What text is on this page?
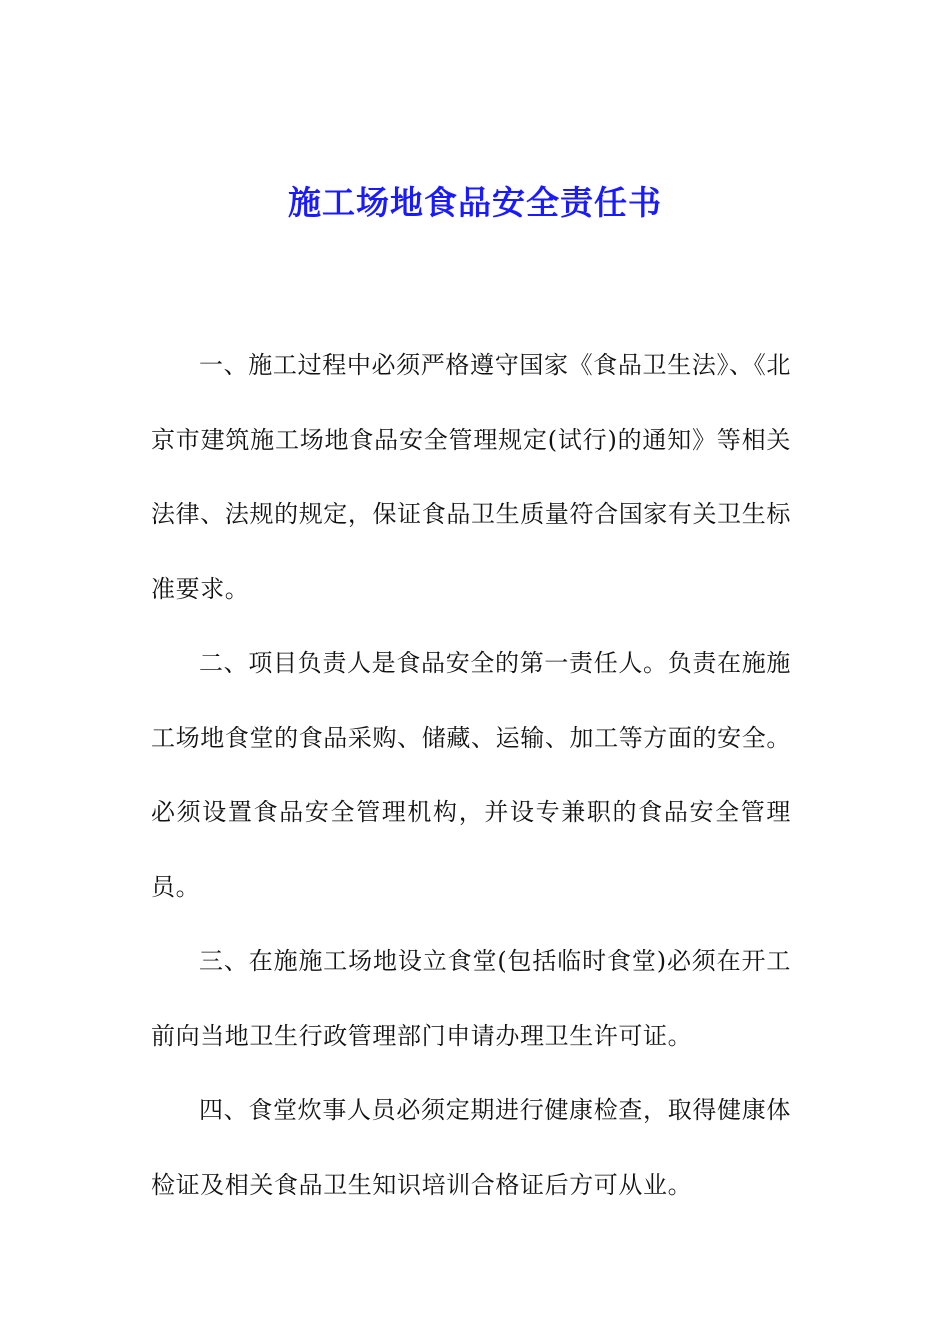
施工场地食品安全责任书

一、施工过程中必须严格遵守国家《食品卫生法》、《北京市建筑施工场地食品安全管理规定(试行)的通知》等相关法律、法规的规定，保证食品卫生质量符合国家有关卫生标准要求。

二、项目负责人是食品安全的第一责任人。负责在施施工场地食堂的食品采购、储藏、运输、加工等方面的安全。必须设置食品安全管理机构，并设专兼职的食品安全管理员。

三、在施施工场地设立食堂(包括临时食堂)必须在开工前向当地卫生行政管理部门申请办理卫生许可证。

四、食堂炊事人员必须定期进行健康检查，取得健康体检证及相关食品卫生知识培训合格证后方可从业。
